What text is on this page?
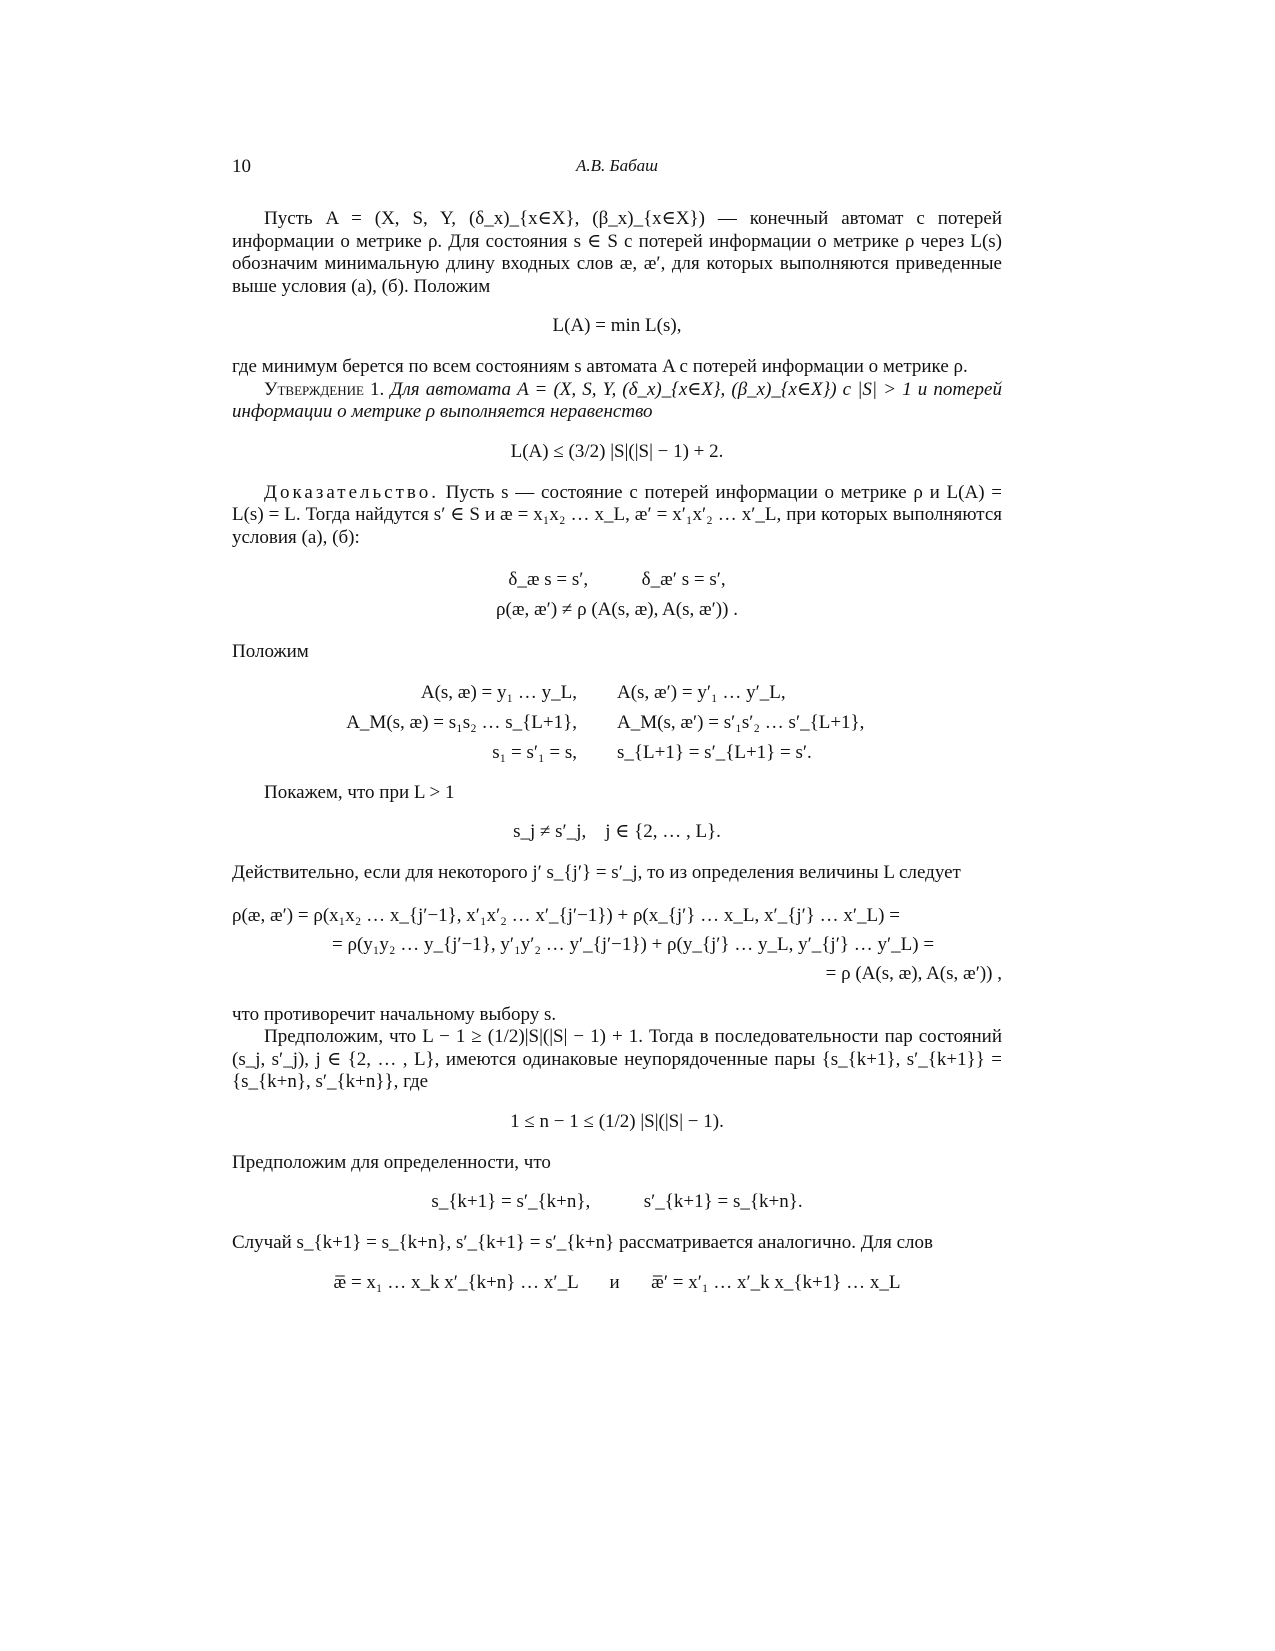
10	А.В. Бабаш

Пусть A = (X, S, Y, (δ_x)_{x∈X}, (β_x)_{x∈X}) — конечный автомат с потерей информации о метрике ρ. Для состояния s ∈ S с потерей информации о метрике ρ через L(s) обозначим минимальную длину входных слов æ, æ′, для которых выполняются приведенные выше условия (а), (б). Положим

L(A) = min L(s),

где минимум берется по всем состояниям s автомата A с потерей информации о метрике ρ.

Утверждение 1. Для автомата A = (X, S, Y, (δ_x)_{x∈X}, (β_x)_{x∈X}) с |S| > 1 и потерей информации о метрике ρ выполняется неравенство

L(A) ≤ (3/2) |S|(|S| − 1) + 2.

Доказательство. Пусть s — состояние с потерей информации о метрике ρ и L(A) = L(s) = L. Тогда найдутся s′ ∈ S и æ = x₁x₂ … x_L, æ′ = x′₁x′₂ … x′_L, при которых выполняются условия (а), (б):

δ_æ s = s′,	δ_æ′ s = s′,
ρ(æ, æ′) ≠ ρ (A(s, æ), A(s, æ′)) .

Положим

A(s, æ) = y₁ … y_L,	A(s, æ′) = y′₁ … y′_L,
A_M(s, æ) = s₁s₂ … s_{L+1},	A_M(s, æ′) = s′₁s′₂ … s′_{L+1},
s₁ = s′₁ = s,	s_{L+1} = s′_{L+1} = s′.

Покажем, что при L > 1

s_j ≠ s′_j,    j ∈ {2, … , L}.

Действительно, если для некоторого j′ s_{j′} = s′_j, то из определения величины L следует

ρ(æ, æ′) = ρ(x₁x₂ … x_{j′−1}, x′₁x′₂ … x′_{j′−1}) + ρ(x_{j′} … x_L, x′_{j′} … x′_L) =
= ρ(y₁y₂ … y_{j′−1}, y′₁y′₂ … y′_{j′−1}) + ρ(y_{j′} … y_L, y′_{j′} … y′_L) =
= ρ (A(s, æ), A(s, æ′)) ,

что противоречит начальному выбору s.

Предположим, что L − 1 ≥ (1/2)|S|(|S| − 1) + 1. Тогда в последовательности пар состояний (s_j, s′_j), j ∈ {2, … , L}, имеются одинаковые неупорядоченные пары {s_{k+1}, s′_{k+1}} = {s_{k+n}, s′_{k+n}}, где

1 ≤ n − 1 ≤ (1/2) |S|(|S| − 1).

Предположим для определенности, что

s_{k+1} = s′_{k+n},	s′_{k+1} = s_{k+n}.

Случай s_{k+1} = s_{k+n}, s′_{k+1} = s′_{k+n} рассматривается аналогично. Для слов

æ̅ = x₁ … x_k x′_{k+n} … x′_L и æ̅′ = x′₁ … x′_k x_{k+1} … x_L
